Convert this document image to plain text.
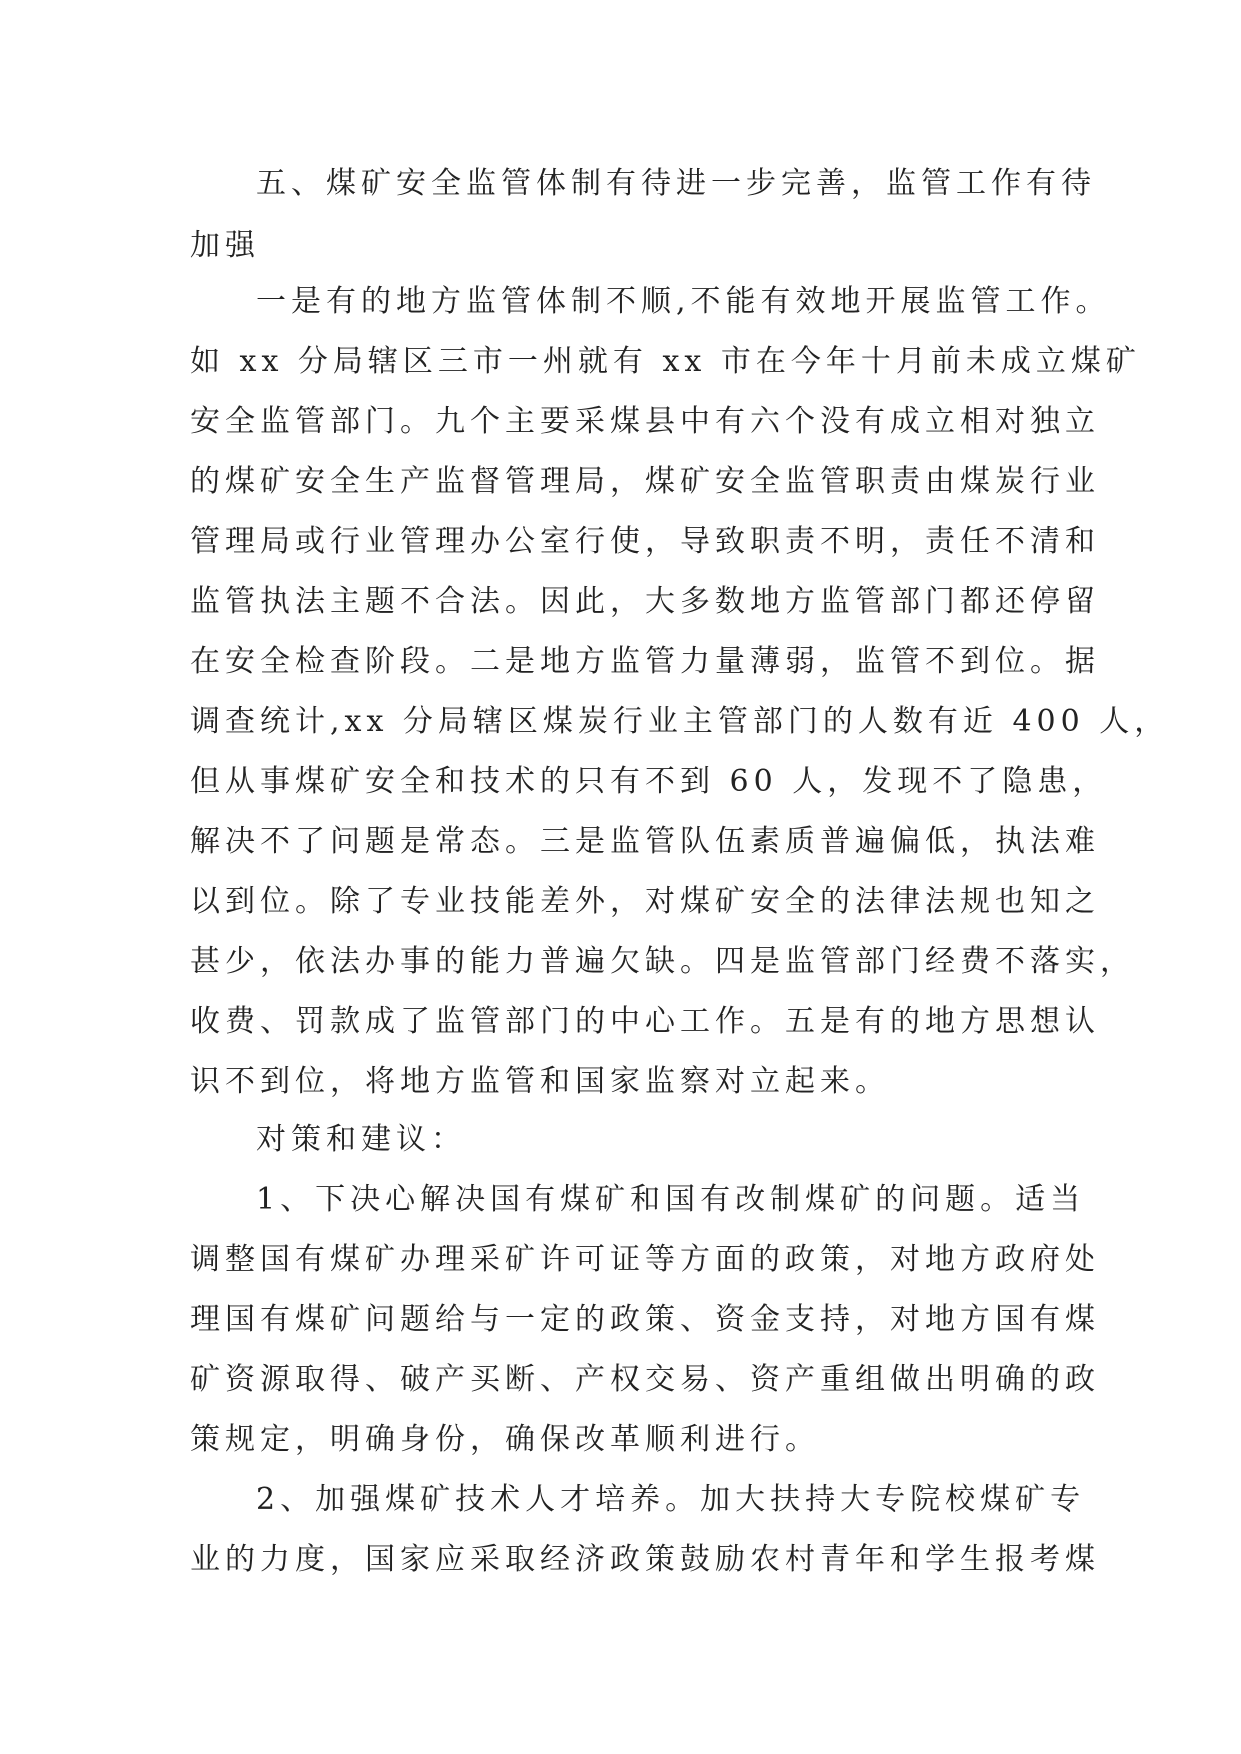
五、煤矿安全监管体制有待进一步完善，监管工作有待
加强
一是有的地方监管体制不顺,不能有效地开展监管工作。
如 xx 分局辖区三市一州就有 xx 市在今年十月前未成立煤矿
安全监管部门。九个主要采煤县中有六个没有成立相对独立
的煤矿安全生产监督管理局，煤矿安全监管职责由煤炭行业
管理局或行业管理办公室行使，导致职责不明，责任不清和
监管执法主题不合法。因此，大多数地方监管部门都还停留
在安全检查阶段。二是地方监管力量薄弱，监管不到位。据
调查统计,xx 分局辖区煤炭行业主管部门的人数有近 400 人，
但从事煤矿安全和技术的只有不到 60 人，发现不了隐患，
解决不了问题是常态。三是监管队伍素质普遍偏低，执法难
以到位。除了专业技能差外，对煤矿安全的法律法规也知之
甚少，依法办事的能力普遍欠缺。四是监管部门经费不落实，
收费、罚款成了监管部门的中心工作。五是有的地方思想认
识不到位，将地方监管和国家监察对立起来。
对策和建议：
1、下决心解决国有煤矿和国有改制煤矿的问题。适当
调整国有煤矿办理采矿许可证等方面的政策，对地方政府处
理国有煤矿问题给与一定的政策、资金支持，对地方国有煤
矿资源取得、破产买断、产权交易、资产重组做出明确的政
策规定，明确身份，确保改革顺利进行。
2、加强煤矿技术人才培养。加大扶持大专院校煤矿专
业的力度，国家应采取经济政策鼓励农村青年和学生报考煤
